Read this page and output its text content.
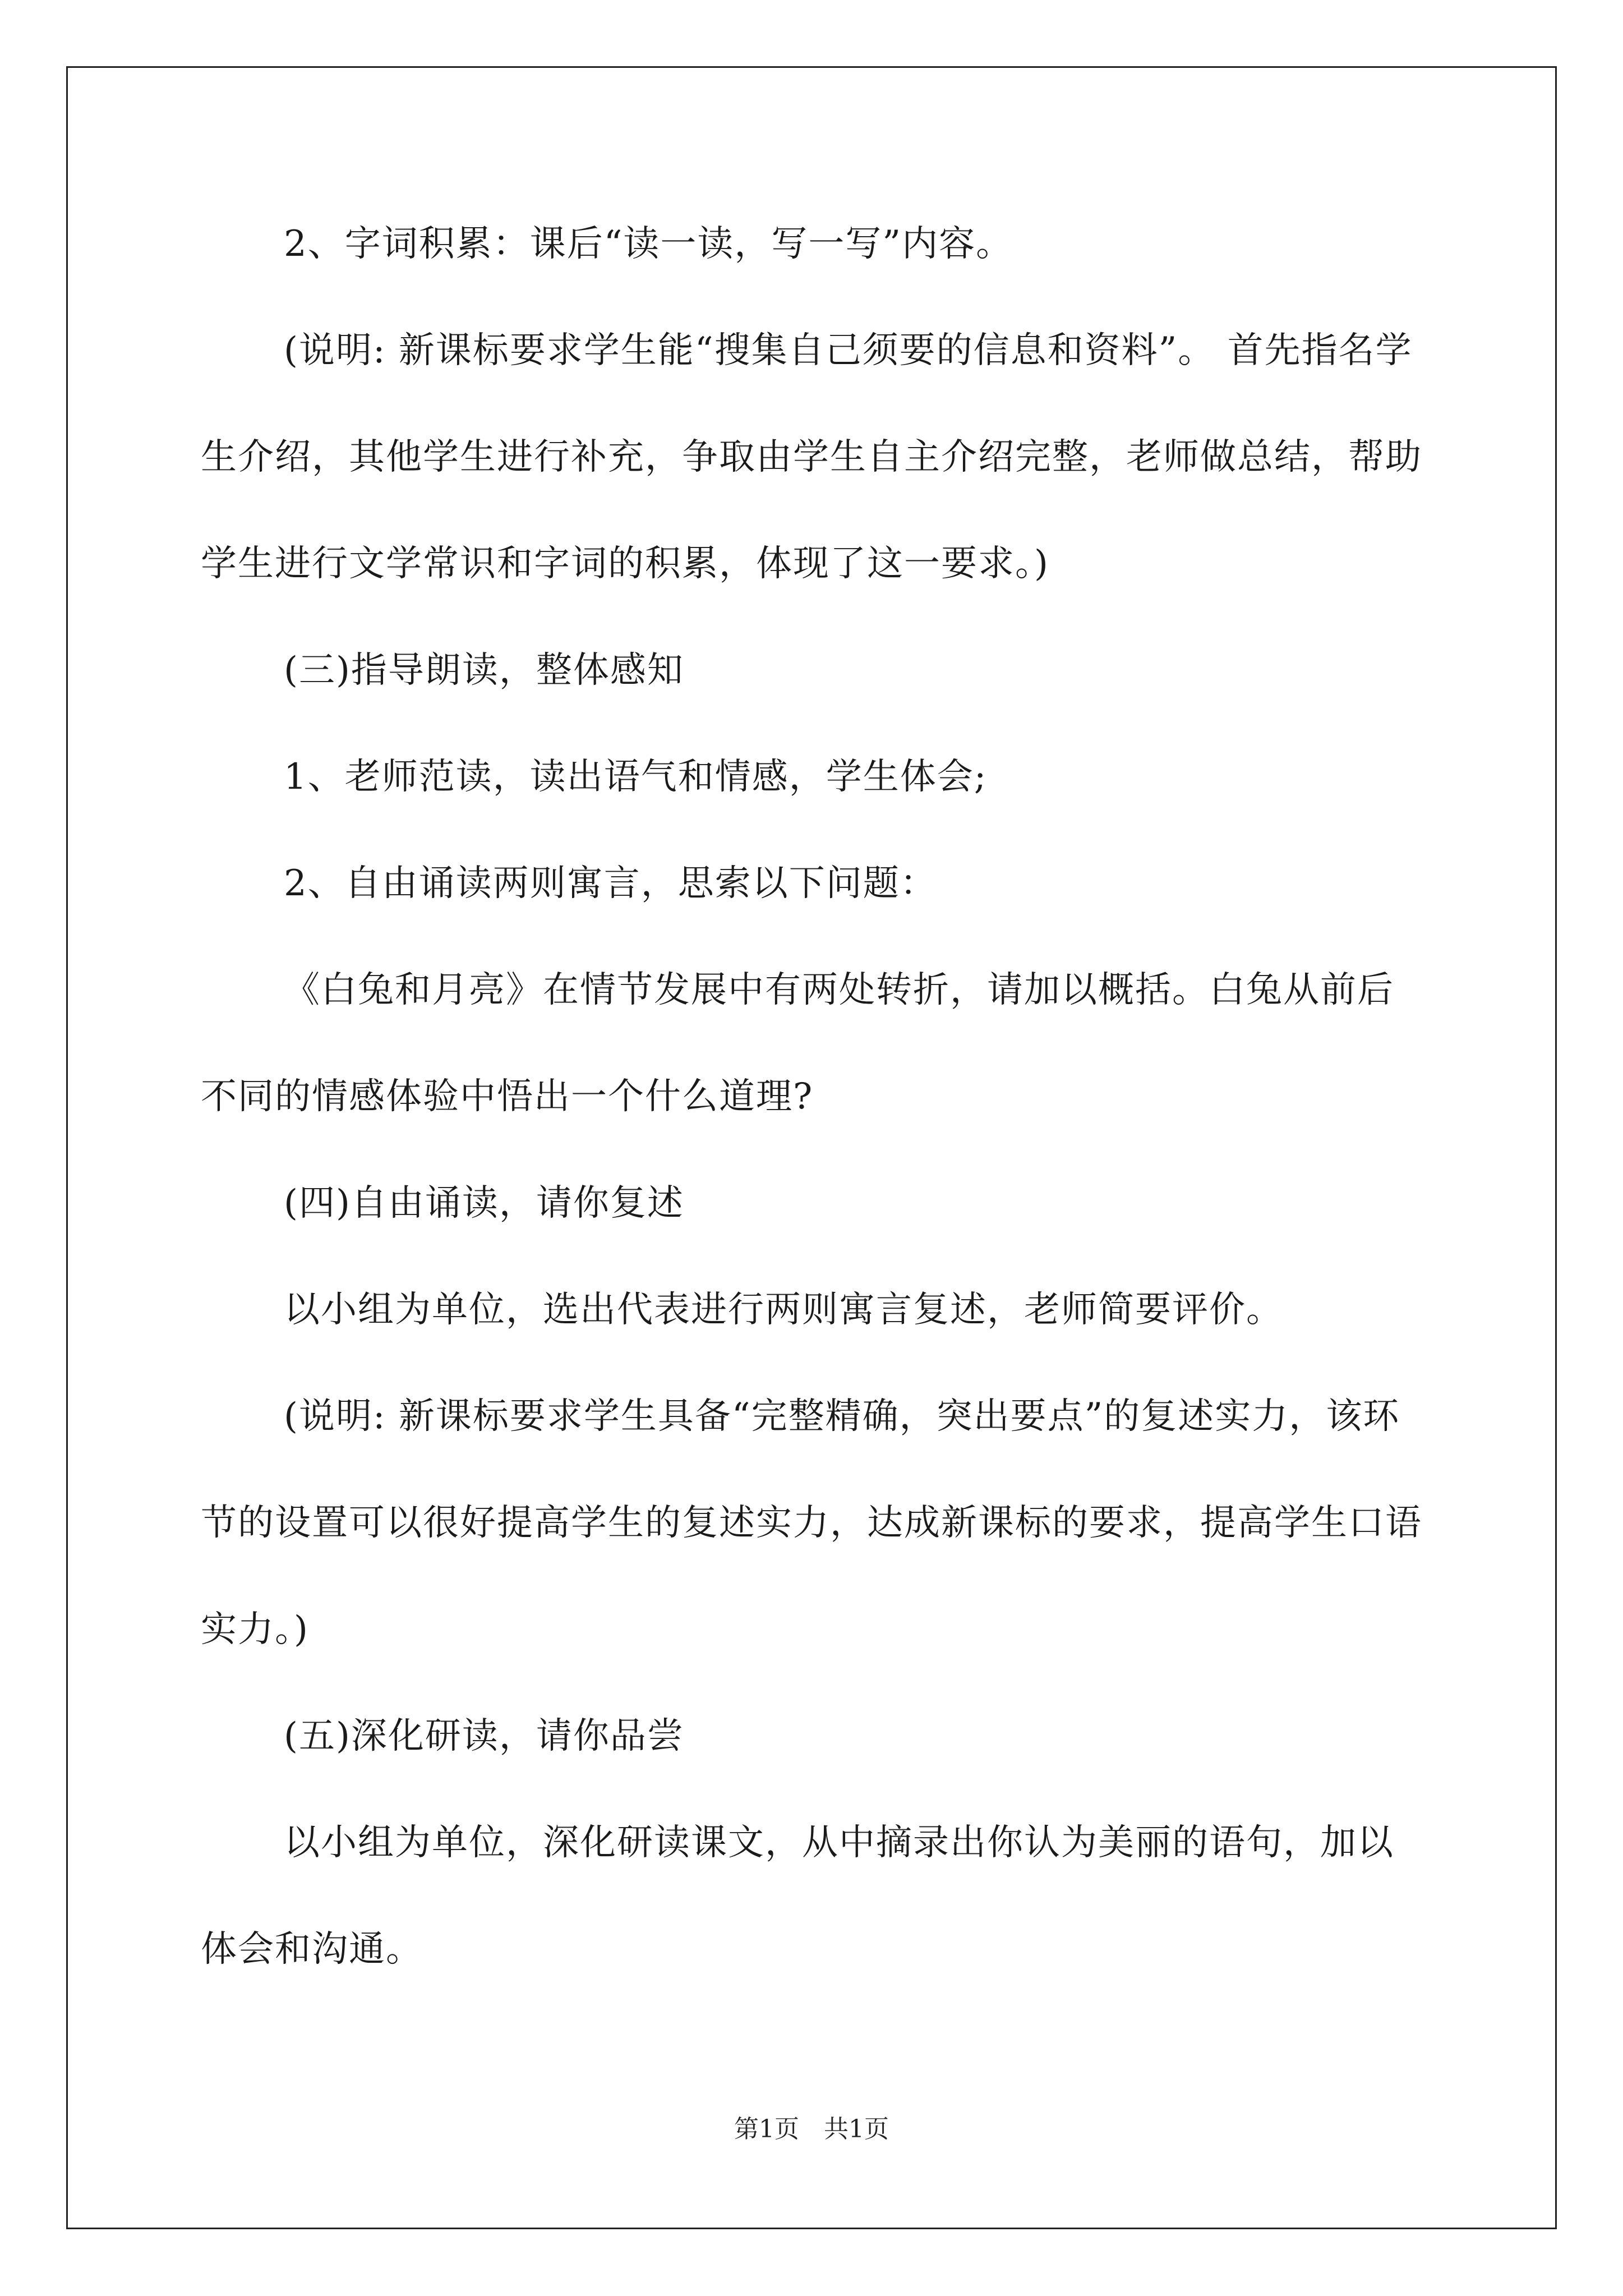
2、字词积累：课后“读一读，写一写”内容。

(说明: 新课标要求学生能“搜集自己须要的信息和资料”。 首先指名学生介绍，其他学生进行补充，争取由学生自主介绍完整，老师做总结，帮助学生进行文学常识和字词的积累，体现了这一要求。)

(三)指导朗读，整体感知

1、老师范读，读出语气和情感，学生体会;

2、自由诵读两则寓言，思索以下问题：

《白兔和月亮》在情节发展中有两处转折，请加以概括。白兔从前后不同的情感体验中悟出一个什么道理?

(四)自由诵读，请你复述

以小组为单位，选出代表进行两则寓言复述，老师简要评价。

(说明: 新课标要求学生具备“完整精确，突出要点”的复述实力，该环节的设置可以很好提高学生的复述实力，达成新课标的要求，提高学生口语实力。)

(五)深化研读，请你品尝

以小组为单位，深化研读课文，从中摘录出你认为美丽的语句，加以体会和沟通。

第1页　共1页
